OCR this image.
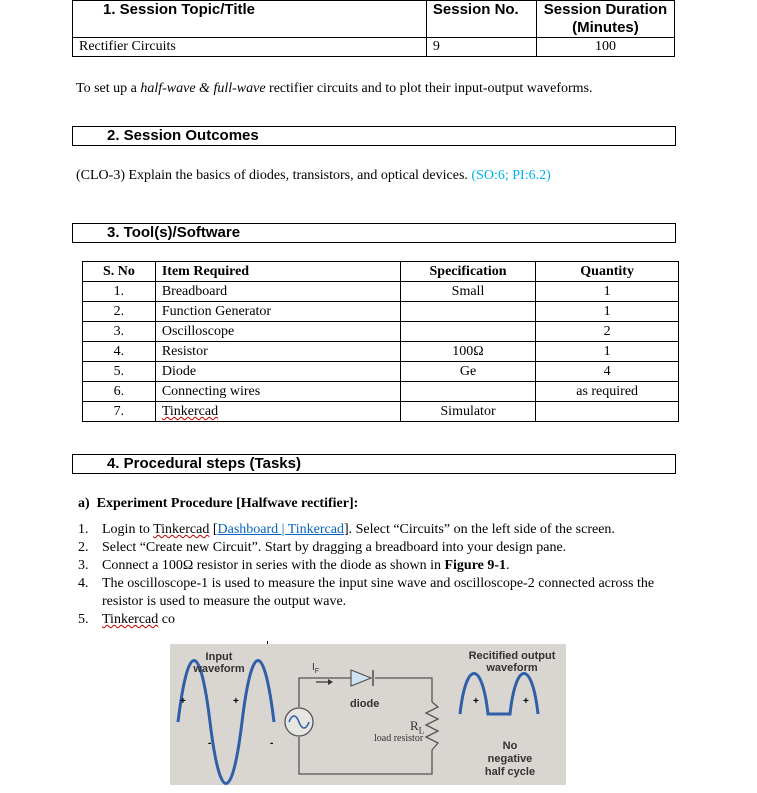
1. Session Topic/Title	Session No.	Session Duration (Minutes)
Rectifier Circuits	9	100
To set up a half-wave & full-wave rectifier circuits and to plot their input-output waveforms.
2. Session Outcomes
(CLO-3) Explain the basics of diodes, transistors, and optical devices. (SO:6; PI:6.2)
3. Tool(s)/Software
S. No	Item Required	Specification	Quantity
1.	Breadboard	Small	1
2.	Function Generator		1
3.	Oscilloscope		2
4.	Resistor	100Ω	1
5.	Diode	Ge	4
6.	Connecting wires		as required
7.	Tinkercad	Simulator	
4. Procedural steps (Tasks)
a)  Experiment Procedure [Halfwave rectifier]:
1. Login to Tinkercad [Dashboard | Tinkercad]. Select “Circuits” on the left side of the screen.
2. Select “Create new Circuit”. Start by dragging a breadboard into your design pane.
3. Connect a 100Ω resistor in series with the diode as shown in Figure 9-1.
4. The oscilloscope-1 is used to measure the input sine wave and oscilloscope-2 connected across the resistor is used to measure the output wave.
5. Tinkercad co
Input waveform
Recitified output waveform
$I_F$
diode
$R_L$
load resistor
No negative half cycle
+	+
-	-
+	+
